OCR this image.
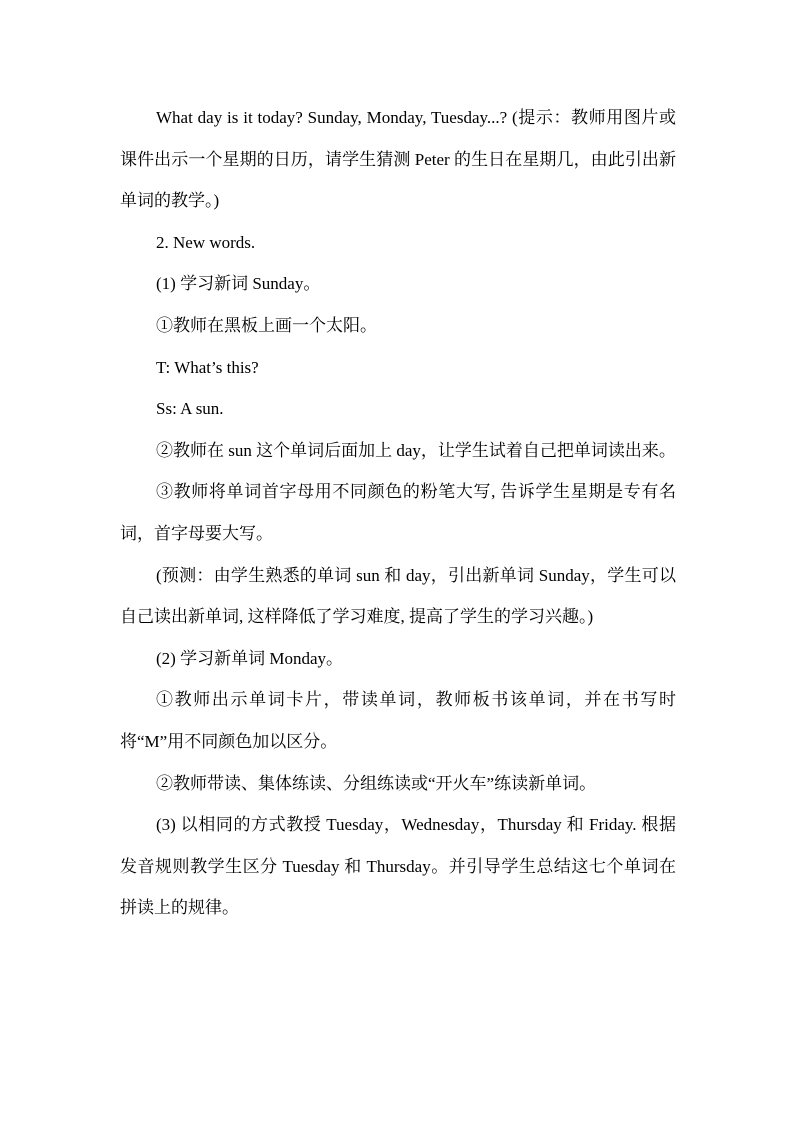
What day is it today? Sunday, Monday, Tuesday...? (提示：教师用图片或课件出示一个星期的日历，请学生猜测 Peter 的生日在星期几，由此引出新单词的教学。)

2. New words.

(1) 学习新词 Sunday。

①教师在黑板上画一个太阳。

T: What’s this?

Ss: A sun.

②教师在 sun 这个单词后面加上 day，让学生试着自己把单词读出来。

③教师将单词首字母用不同颜色的粉笔大写, 告诉学生星期是专有名词，首字母要大写。

(预测：由学生熟悉的单词 sun 和 day，引出新单词 Sunday，学生可以自己读出新单词, 这样降低了学习难度, 提高了学生的学习兴趣。)

(2) 学习新单词 Monday。

①教师出示单词卡片，带读单词，教师板书该单词，并在书写时将“M”用不同颜色加以区分。

②教师带读、集体练读、分组练读或“开火车”练读新单词。

(3) 以相同的方式教授 Tuesday，Wednesday，Thursday 和 Friday. 根据发音规则教学生区分 Tuesday 和 Thursday。并引导学生总结这七个单词在拼读上的规律。
